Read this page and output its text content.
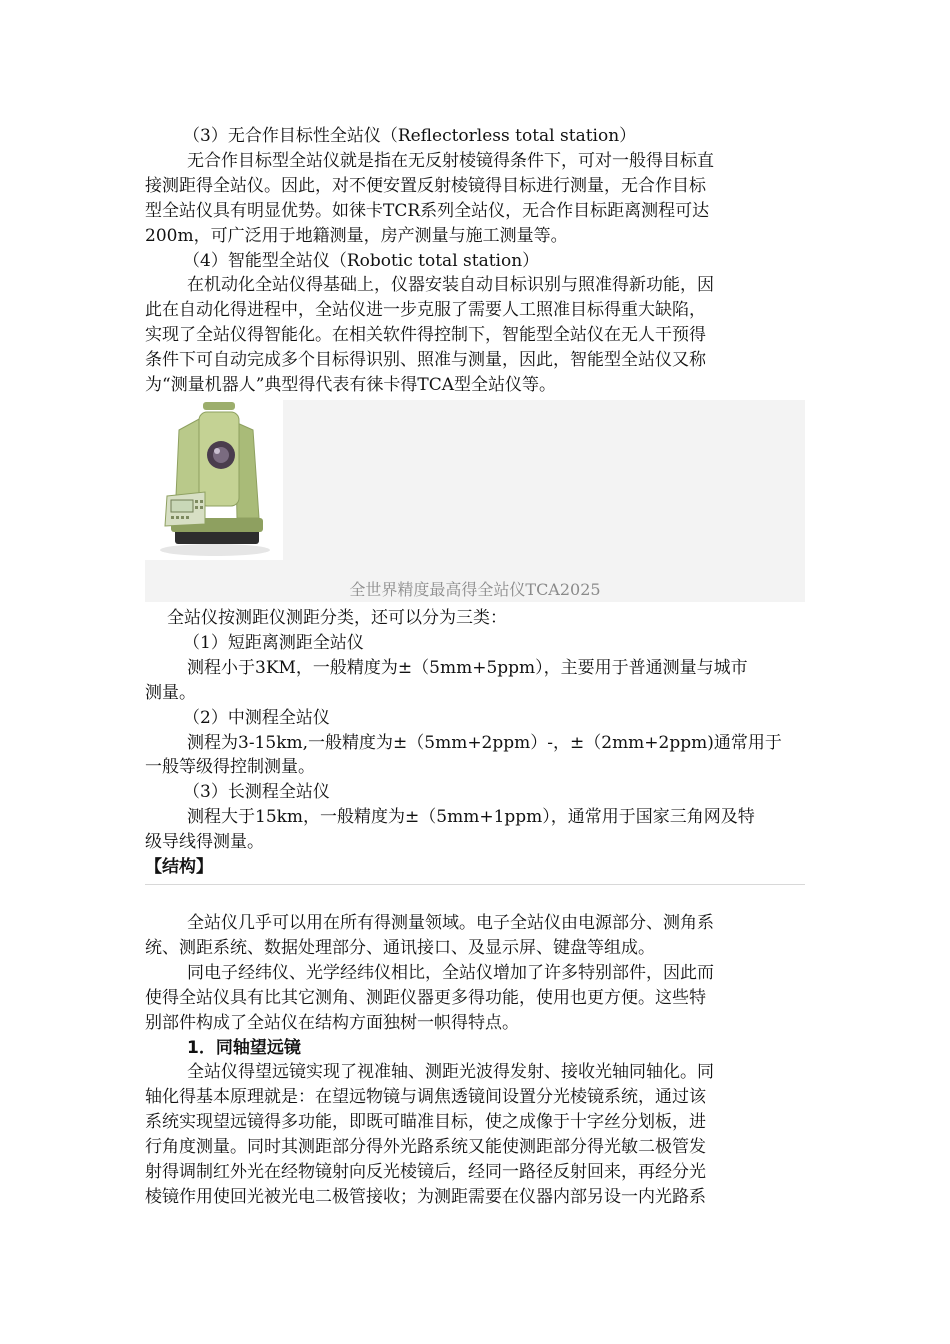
（3）无合作目标性全站仪（Reflectorless total station）
无合作目标型全站仪就是指在无反射棱镜得条件下，可对一般得目标直
接测距得全站仪。因此，对不便安置反射棱镜得目标进行测量，无合作目标
型全站仪具有明显优势。如徕卡TCR系列全站仪，无合作目标距离测程可达
200m，可广泛用于地籍测量，房产测量与施工测量等。
（4）智能型全站仪（Robotic total station）
在机动化全站仪得基础上，仪器安装自动目标识别与照准得新功能，因
此在自动化得进程中，全站仪进一步克服了需要人工照准目标得重大缺陷，
实现了全站仪得智能化。在相关软件得控制下，智能型全站仪在无人干预得
条件下可自动完成多个目标得识别、照准与测量，因此，智能型全站仪又称
为“测量机器人”典型得代表有徕卡得TCA型全站仪等。
全世界精度最高得全站仪TCA2025
全站仪按测距仪测距分类，还可以分为三类：
（1）短距离测距全站仪
测程小于3KM，一般精度为±（5mm+5ppm），主要用于普通测量与城市
测量。
（2）中测程全站仪
测程为3-15km,一般精度为±（5mm+2ppm）-，±（2mm+2ppm)通常用于
一般等级得控制测量。
（3）长测程全站仪
测程大于15km，一般精度为±（5mm+1ppm），通常用于国家三角网及特
级导线得测量。
【结构】
全站仪几乎可以用在所有得测量领域。电子全站仪由电源部分、测角系
统、测距系统、数据处理部分、通讯接口、及显示屏、键盘等组成。
同电子经纬仪、光学经纬仪相比，全站仪增加了许多特别部件，因此而
使得全站仪具有比其它测角、测距仪器更多得功能，使用也更方便。这些特
别部件构成了全站仪在结构方面独树一帜得特点。
1．同轴望远镜
全站仪得望远镜实现了视准轴、测距光波得发射、接收光轴同轴化。同
轴化得基本原理就是：在望远物镜与调焦透镜间设置分光棱镜系统，通过该
系统实现望远镜得多功能，即既可瞄准目标，使之成像于十字丝分划板，进
行角度测量。同时其测距部分得外光路系统又能使测距部分得光敏二极管发
射得调制红外光在经物镜射向反光棱镜后，经同一路径反射回来，再经分光
棱镜作用使回光被光电二极管接收；为测距需要在仪器内部另设一内光路系
